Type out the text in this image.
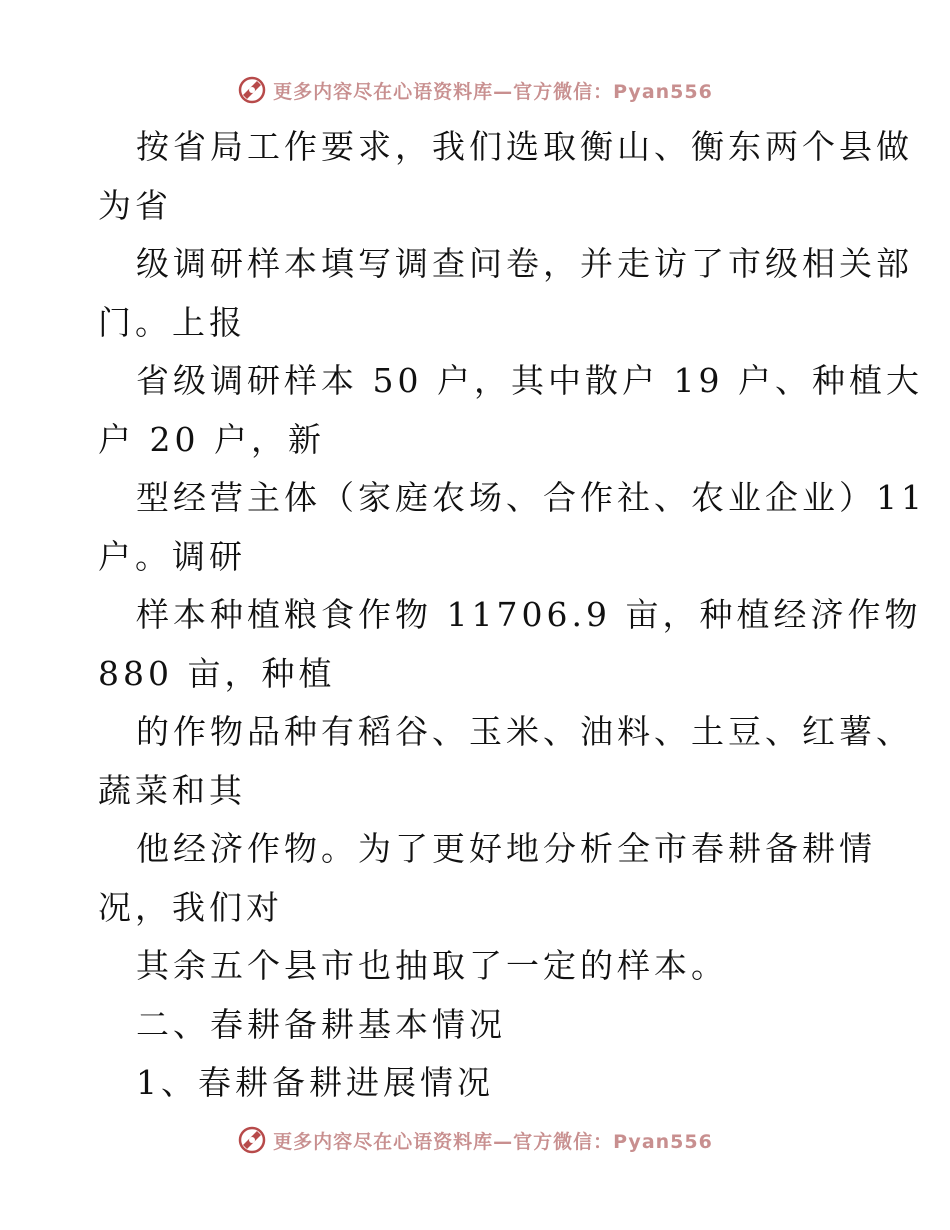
更多内容尽在心语资料库—官方微信：Pyan556
按省局工作要求，我们选取衡山、衡东两个县做
为省
级调研样本填写调查问卷，并走访了市级相关部
门。上报
省级调研样本 50 户，其中散户 19 户、种植大
户 20 户，新
型经营主体（家庭农场、合作社、农业企业）11
户。调研
样本种植粮食作物 11706.9 亩，种植经济作物
880 亩，种植
的作物品种有稻谷、玉米、油料、土豆、红薯、
蔬菜和其
他经济作物。为了更好地分析全市春耕备耕情
况，我们对
其余五个县市也抽取了一定的样本。
二、春耕备耕基本情况
1、春耕备耕进展情况
更多内容尽在心语资料库—官方微信：Pyan556
